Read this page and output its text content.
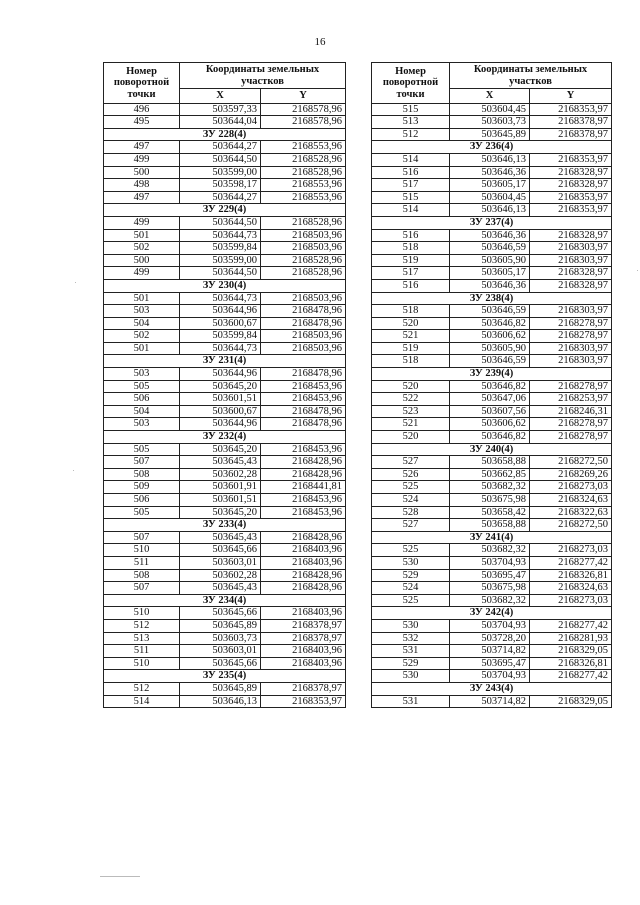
16
Номер
поворотной
точки	Координаты земельных
участков	
	X	Y
496	503597,33	2168578,96
495	503644,04	2168578,96
ЗУ 228(4)		
497	503644,27	2168553,96
499	503644,50	2168528,96
500	503599,00	2168528,96
498	503598,17	2168553,96
497	503644,27	2168553,96
ЗУ 229(4)		
499	503644,50	2168528,96
501	503644,73	2168503,96
502	503599,84	2168503,96
500	503599,00	2168528,96
499	503644,50	2168528,96
ЗУ 230(4)		
501	503644,73	2168503,96
503	503644,96	2168478,96
504	503600,67	2168478,96
502	503599,84	2168503,96
501	503644,73	2168503,96
ЗУ 231(4)		
503	503644,96	2168478,96
505	503645,20	2168453,96
506	503601,51	2168453,96
504	503600,67	2168478,96
503	503644,96	2168478,96
ЗУ 232(4)		
505	503645,20	2168453,96
507	503645,43	2168428,96
508	503602,28	2168428,96
509	503601,91	2168441,81
506	503601,51	2168453,96
505	503645,20	2168453,96
ЗУ 233(4)		
507	503645,43	2168428,96
510	503645,66	2168403,96
511	503603,01	2168403,96
508	503602,28	2168428,96
507	503645,43	2168428,96
ЗУ 234(4)		
510	503645,66	2168403,96
512	503645,89	2168378,97
513	503603,73	2168378,97
511	503603,01	2168403,96
510	503645,66	2168403,96
ЗУ 235(4)		
512	503645,89	2168378,97
514	503646,13	2168353,97
Номер
поворотной
точки	Координаты земельных
участков	
	X	Y
515	503604,45	2168353,97
513	503603,73	2168378,97
512	503645,89	2168378,97
ЗУ 236(4)		
514	503646,13	2168353,97
516	503646,36	2168328,97
517	503605,17	2168328,97
515	503604,45	2168353,97
514	503646,13	2168353,97
ЗУ 237(4)		
516	503646,36	2168328,97
518	503646,59	2168303,97
519	503605,90	2168303,97
517	503605,17	2168328,97
516	503646,36	2168328,97
ЗУ 238(4)		
518	503646,59	2168303,97
520	503646,82	2168278,97
521	503606,62	2168278,97
519	503605,90	2168303,97
518	503646,59	2168303,97
ЗУ 239(4)		
520	503646,82	2168278,97
522	503647,06	2168253,97
523	503607,56	2168246,31
521	503606,62	2168278,97
520	503646,82	2168278,97
ЗУ 240(4)		
527	503658,88	2168272,50
526	503662,85	2168269,26
525	503682,32	2168273,03
524	503675,98	2168324,63
528	503658,42	2168322,63
527	503658,88	2168272,50
ЗУ 241(4)		
525	503682,32	2168273,03
530	503704,93	2168277,42
529	503695,47	2168326,81
524	503675,98	2168324,63
525	503682,32	2168273,03
ЗУ 242(4)		
530	503704,93	2168277,42
532	503728,20	2168281,93
531	503714,82	2168329,05
529	503695,47	2168326,81
530	503704,93	2168277,42
ЗУ 243(4)		
531	503714,82	2168329,05
